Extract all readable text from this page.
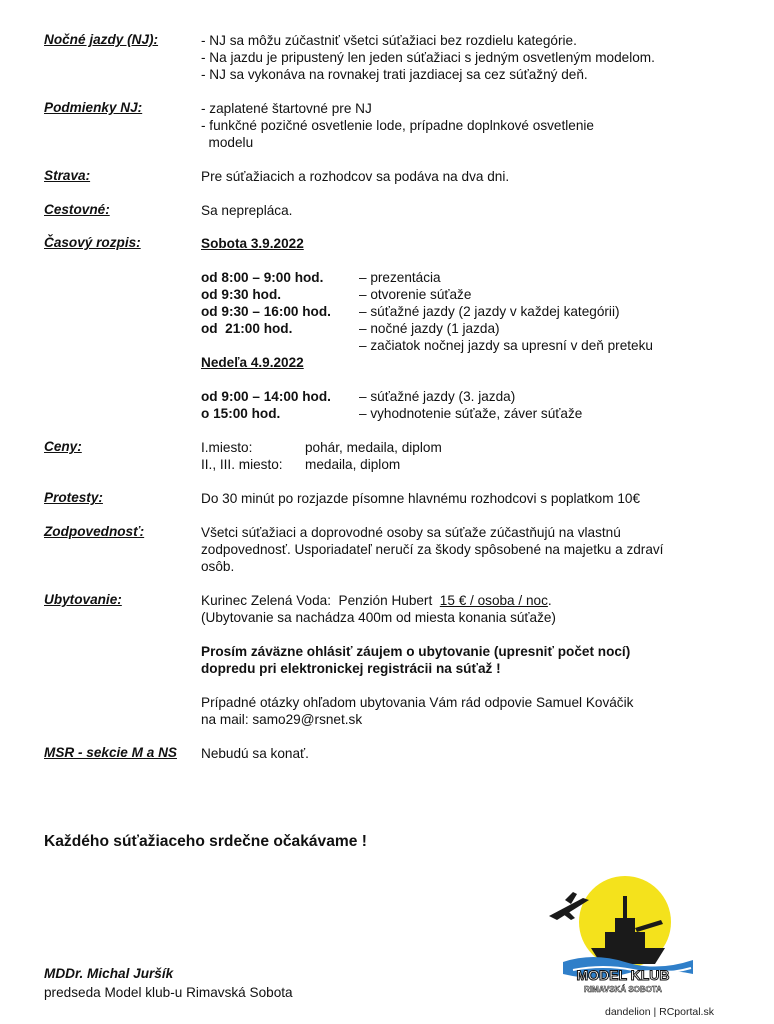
Nočné jazdy (NJ):	- NJ sa môžu zúčastniť všetci súťažiaci bez rozdielu kategórie.
- Na jazdu je pripustený len jeden súťažiaci s jedným osvetleným modelom.
- NJ sa vykonáva na rovnakej trati jazdiacej sa cez súťažný deň.
Podmienky NJ:	- zaplatené štartovné pre NJ
- funkčné pozičné osvetlenie lode, prípadne doplnkové osvetlenie
modelu
Strava:	Pre súťažiacich a rozhodcov sa podáva na dva dni.
Cestovné:	Sa neprepláca.
Časový rozpis:	Sobota 3.9.2022
od 8:00 – 9:00 hod.	– prezentácia
od 9:30 hod.	– otvorenie súťaže
od 9:30 – 16:00 hod. – súťažné jazdy (2 jazdy v každej kategórii)
od  21:00 hod.	– nočné jazdy (1 jazda)
– začiatok nočnej jazdy sa upresní v deň preteku
Nedeľa 4.9.2022
od 9:00 – 14:00 hod. – súťažné jazdy (3. jazda)
o 15:00 hod.	– vyhodnotenie súťaže, záver súťaže
Ceny:	I.miesto:	pohár, medaila, diplom
II., III. miesto: medaila, diplom
Protesty:	Do 30 minút po rozjazde písomne hlavnému rozhodcovi s poplatkom 10€
Zodpovednosť:	Všetci súťažiaci a doprovodné osoby sa súťaže zúčastňujú na vlastnú
zodpovednosť. Usporiadateľ neručí za škody spôsobené na majetku a zdraví
osôb.
Ubytovanie:	Kurinec Zelená Voda:  Penzión Hubert  15 € / osoba / noc.
(Ubytovanie sa nachádza 400m od miesta konania súťaže)
Prosím záväzne ohlásiť záujem o ubytovanie (upresniť počet nocí)
dopredu pri elektronickej registrácii na súťaž !
Prípadné otázky ohľadom ubytovania Vám rád odpovie Samuel Kováčik
na mail: samo29@rsnet.sk
MSR - sekcie M a NS Nebudú sa konať.
Každého súťažiaceho srdečne očakávame !
MDDr. Michal Juršík
predseda Model klub-u Rimavská Sobota
MODEL KLUB
RIMAVSKÁ SOBOTA
dandelion | RCportal.sk
